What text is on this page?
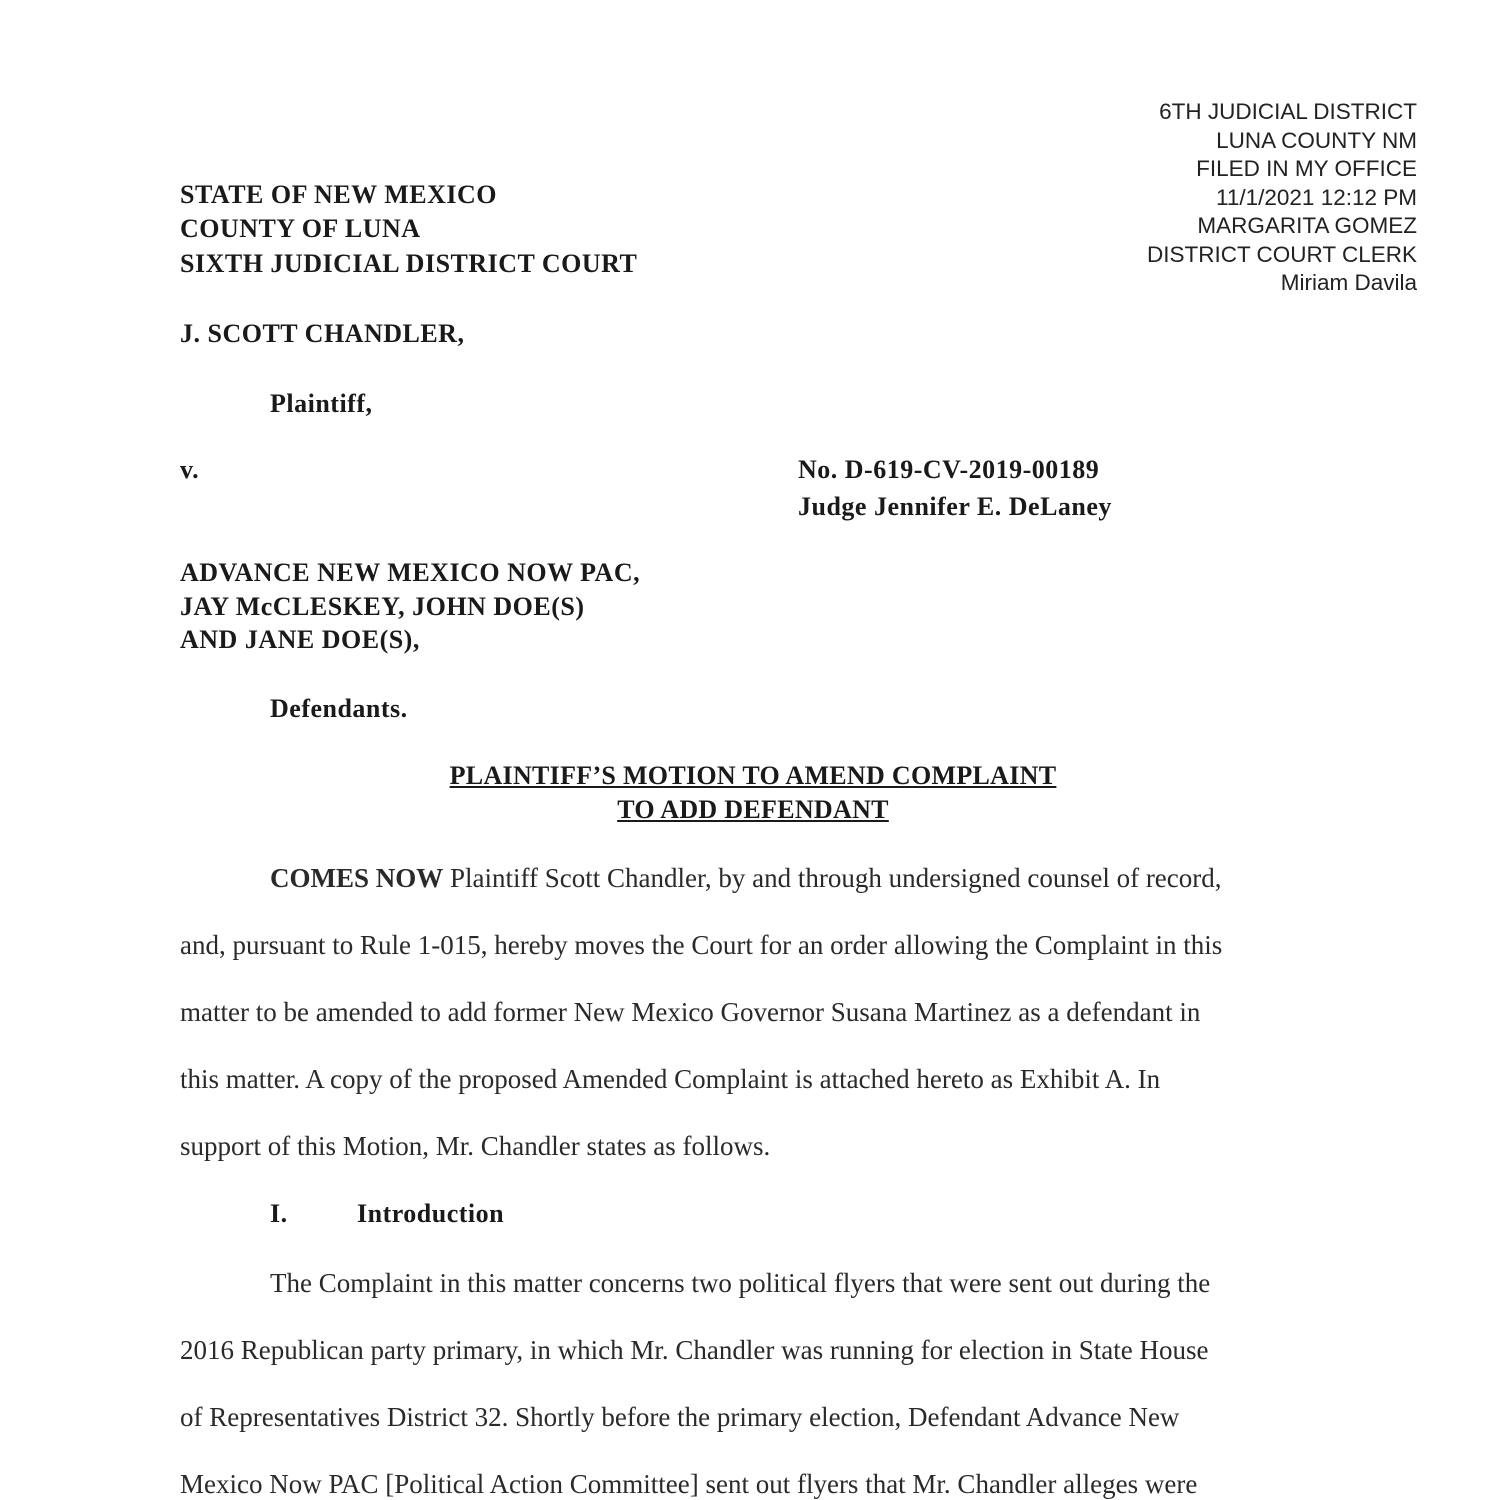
6TH JUDICIAL DISTRICT
LUNA COUNTY NM
FILED IN MY OFFICE
11/1/2021 12:12 PM
MARGARITA GOMEZ
DISTRICT COURT CLERK
Miriam Davila
STATE OF NEW MEXICO
COUNTY OF LUNA
SIXTH JUDICIAL DISTRICT COURT
J. SCOTT CHANDLER,
Plaintiff,
v.	No. D-619-CV-2019-00189
Judge Jennifer E. DeLaney
ADVANCE NEW MEXICO NOW PAC,
JAY McCLESKEY, JOHN DOE(S)
AND JANE DOE(S),
Defendants.
PLAINTIFF’S MOTION TO AMEND COMPLAINT
TO ADD DEFENDANT
COMES NOW Plaintiff Scott Chandler, by and through undersigned counsel of record,
and, pursuant to Rule 1-015, hereby moves the Court for an order allowing the Complaint in this
matter to be amended to add former New Mexico Governor Susana Martinez as a defendant in
this matter. A copy of the proposed Amended Complaint is attached hereto as Exhibit A. In
support of this Motion, Mr. Chandler states as follows.
I.	Introduction
The Complaint in this matter concerns two political flyers that were sent out during the
2016 Republican party primary, in which Mr. Chandler was running for election in State House
of Representatives District 32. Shortly before the primary election, Defendant Advance New
Mexico Now PAC [Political Action Committee] sent out flyers that Mr. Chandler alleges were
